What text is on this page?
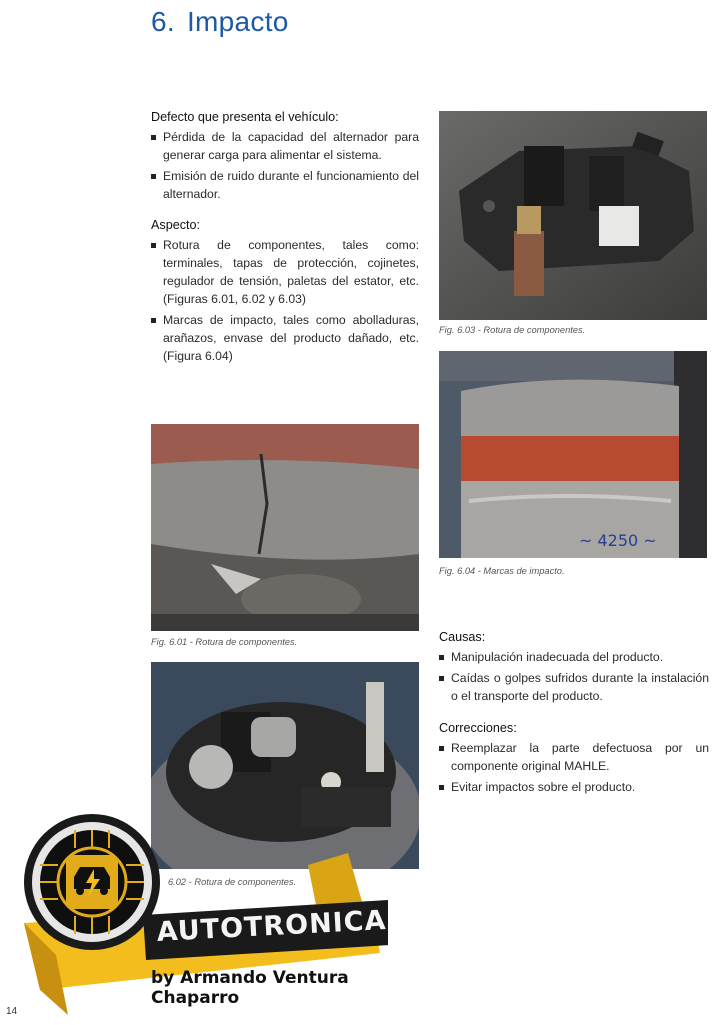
6. Impacto
Defecto que presenta el vehículo:
Pérdida de la capacidad del alternador para generar carga para alimentar el sistema.
Emisión de ruido durante el funcionamiento del alternador.
Aspecto:
Rotura de componentes, tales como: terminales, tapas de protección, cojinetes, regulador de tensión, paletas del estator, etc. (Figuras 6.01, 6.02 y 6.03)
Marcas de impacto, tales como abolladuras, arañazos, envase del producto dañado, etc. (Figura 6.04)
Fig. 6.03 - Rotura de componentes.
~ 4250 ~
Fig. 6.04 - Marcas de impacto.
Fig. 6.01 - Rotura de componentes.
6.02 - Rotura de componentes.
Causas:
Manipulación inadecuada del producto.
Caídas o golpes sufridos durante la instalación o el transporte del producto.
Correcciones:
Reemplazar la parte defectuosa por un componente original MAHLE.
Evitar impactos sobre el producto.
AUTOTRONICA
by Armando Ventura Chaparro
14
